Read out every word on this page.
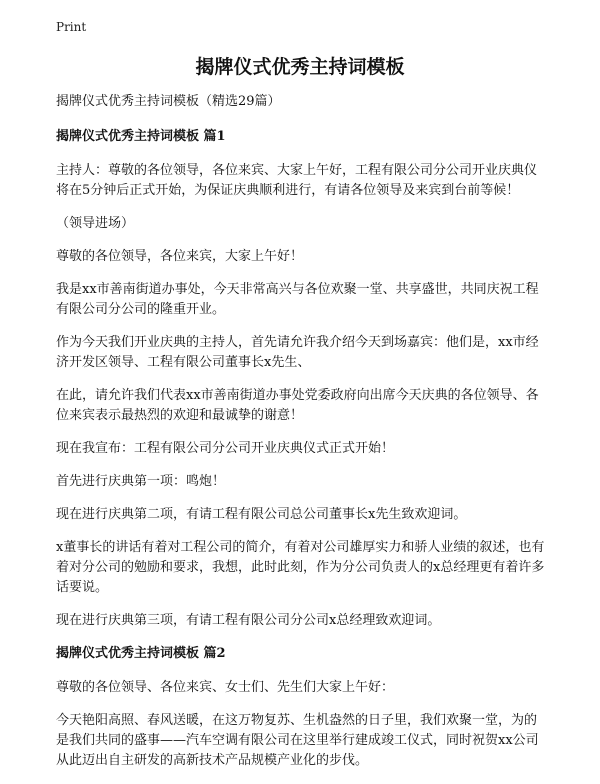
Print
揭牌仪式优秀主持词模板

揭牌仪式优秀主持词模板（精选29篇）

揭牌仪式优秀主持词模板 篇1

主持人：尊敬的各位领导，各位来宾、大家上午好，工程有限公司分公司开业庆典仪将在5分钟后正式开始，为保证庆典顺利进行，有请各位领导及来宾到台前等候！

（领导进场）

尊敬的各位领导，各位来宾，大家上午好！

我是xx市善南街道办事处，今天非常高兴与各位欢聚一堂、共享盛世，共同庆祝工程有限公司分公司的隆重开业。

作为今天我们开业庆典的主持人，首先请允许我介绍今天到场嘉宾：他们是，xx市经济开发区领导、工程有限公司董事长x先生、

在此，请允许我们代表xx市善南街道办事处党委政府向出席今天庆典的各位领导、各位来宾表示最热烈的欢迎和最诚挚的谢意！

现在我宣布：工程有限公司分公司开业庆典仪式正式开始！

首先进行庆典第一项：鸣炮！

现在进行庆典第二项，有请工程有限公司总公司董事长x先生致欢迎词。

x董事长的讲话有着对工程公司的简介，有着对公司雄厚实力和骄人业绩的叙述，也有着对分公司的勉励和要求，我想，此时此刻，作为分公司负责人的x总经理更有着许多话要说。

现在进行庆典第三项，有请工程有限公司分公司x总经理致欢迎词。

揭牌仪式优秀主持词模板 篇2

尊敬的各位领导、各位来宾、女士们、先生们大家上午好：

今天艳阳高照、春风送暖，在这万物复苏、生机盎然的日子里，我们欢聚一堂，为的是我们共同的盛事——汽车空调有限公司在这里举行建成竣工仪式，同时祝贺xx公司从此迈出自主研发的高新技术产品规模产业化的步伐。
